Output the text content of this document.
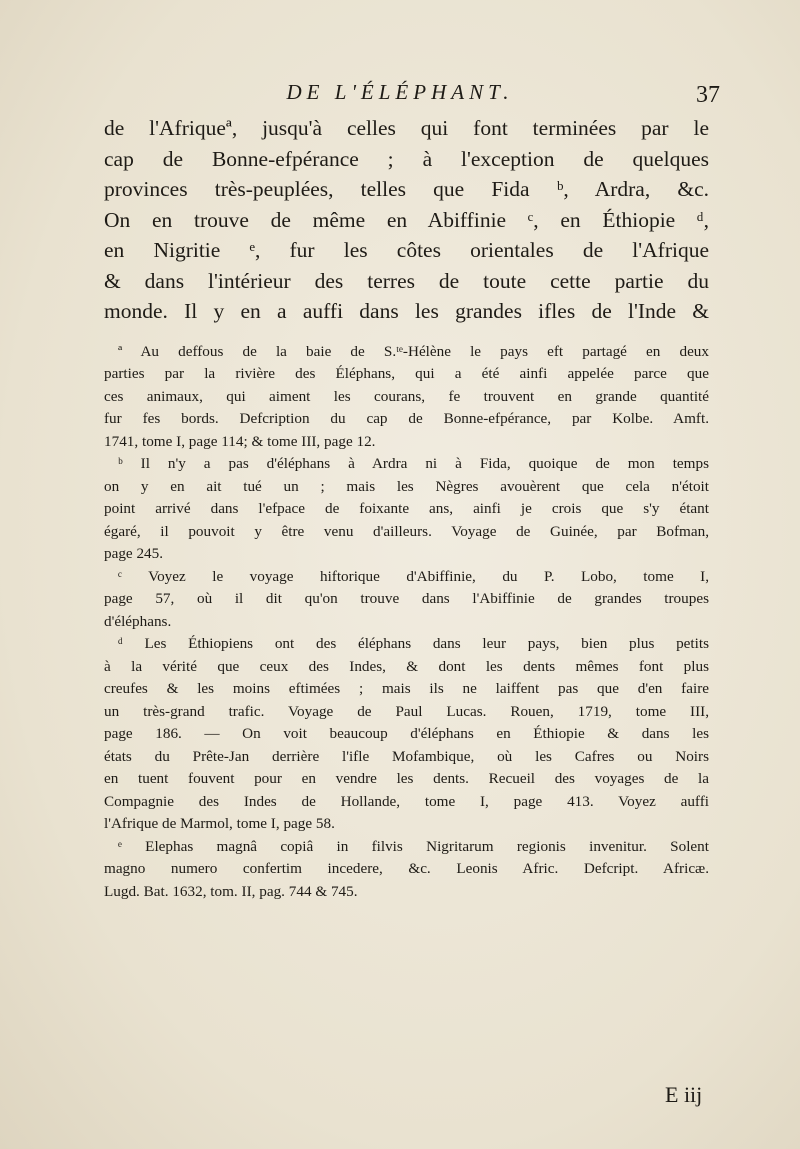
DE L'ÉLÉPHANT.	37
de l'Afriqueª, jusqu'à celles qui font terminées par le
cap de Bonne-efpérance ; à l'exception de quelques
provinces très-peuplées, telles que Fida ᵇ, Ardra, &c.
On en trouve de même en Abiffinie ᶜ, en Éthiopie ᵈ,
en Nigritie ᵉ, fur les côtes orientales de l'Afrique
& dans l'intérieur des terres de toute cette partie du
monde. Il y en a auffi dans les grandes ifles de l'Inde &
ª Au deffous de la baie de S.ᵗᵉ-Hélène le pays eft partagé en deux
parties par la rivière des Éléphans, qui a été ainfi appelée parce que
ces animaux, qui aiment les courans, fe trouvent en grande quantité
fur fes bords. Defcription du cap de Bonne-efpérance, par Kolbe. Amft.
1741, tome I, page 114; & tome III, page 12.
ᵇ Il n'y a pas d'éléphans à Ardra ni à Fida, quoique de mon temps
on y en ait tué un ; mais les Nègres avouèrent que cela n'étoit
point arrivé dans l'efpace de foixante ans, ainfi je crois que s'y étant
égaré, il pouvoit y être venu d'ailleurs. Voyage de Guinée, par Bofman,
page 245.
ᶜ Voyez le voyage hiftorique d'Abiffinie, du P. Lobo, tome I,
page 57, où il dit qu'on trouve dans l'Abiffinie de grandes troupes
d'éléphans.
ᵈ Les Éthiopiens ont des éléphans dans leur pays, bien plus petits
à la vérité que ceux des Indes, & dont les dents mêmes font plus
creufes & les moins eftimées ; mais ils ne laiffent pas que d'en faire
un très-grand trafic. Voyage de Paul Lucas. Rouen, 1719, tome III,
page 186. — On voit beaucoup d'éléphans en Éthiopie & dans les
états du Prête-Jan derrière l'ifle Mofambique, où les Cafres ou Noirs
en tuent fouvent pour en vendre les dents. Recueil des voyages de la
Compagnie des Indes de Hollande, tome I, page 413. Voyez auffi
l'Afrique de Marmol, tome I, page 58.
ᵉ Elephas magnâ copiâ in filvis Nigritarum regionis invenitur. Solent
magno numero confertim incedere, &c. Leonis Afric. Defcript. Africæ.
Lugd. Bat. 1632, tom. II, pag. 744 & 745.
E iij
